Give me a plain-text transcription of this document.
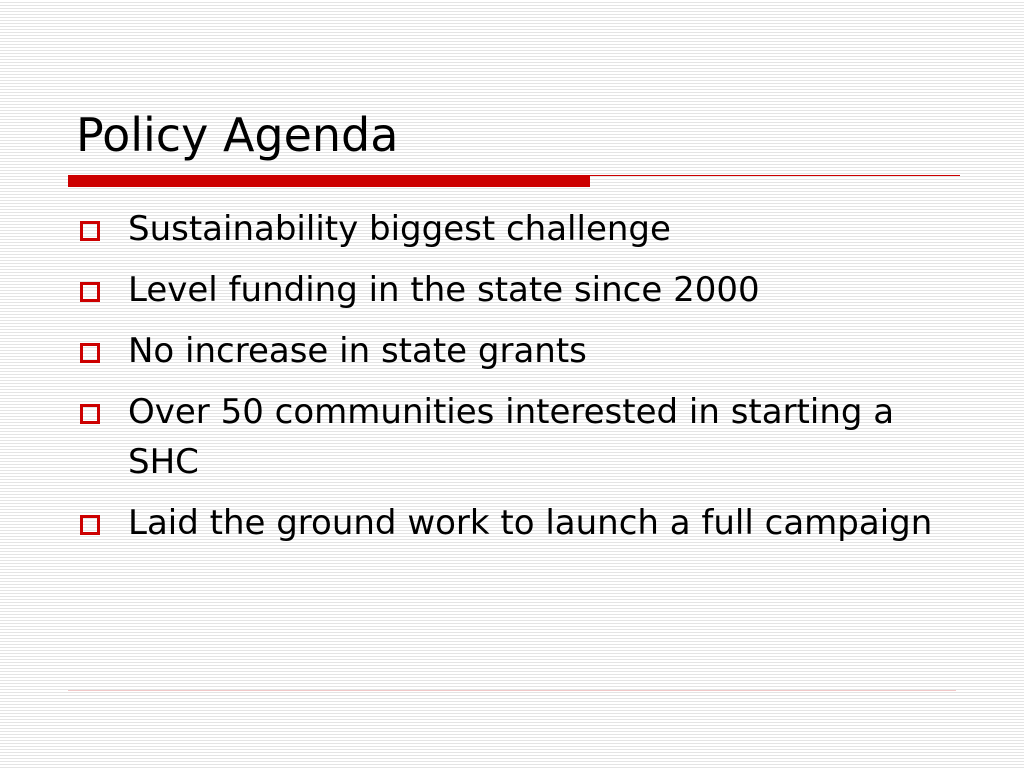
Policy Agenda
Sustainability biggest challenge
Level funding in the state since 2000
No increase in state grants
Over 50 communities interested in starting a SHC
Laid the ground work to launch a full campaign
